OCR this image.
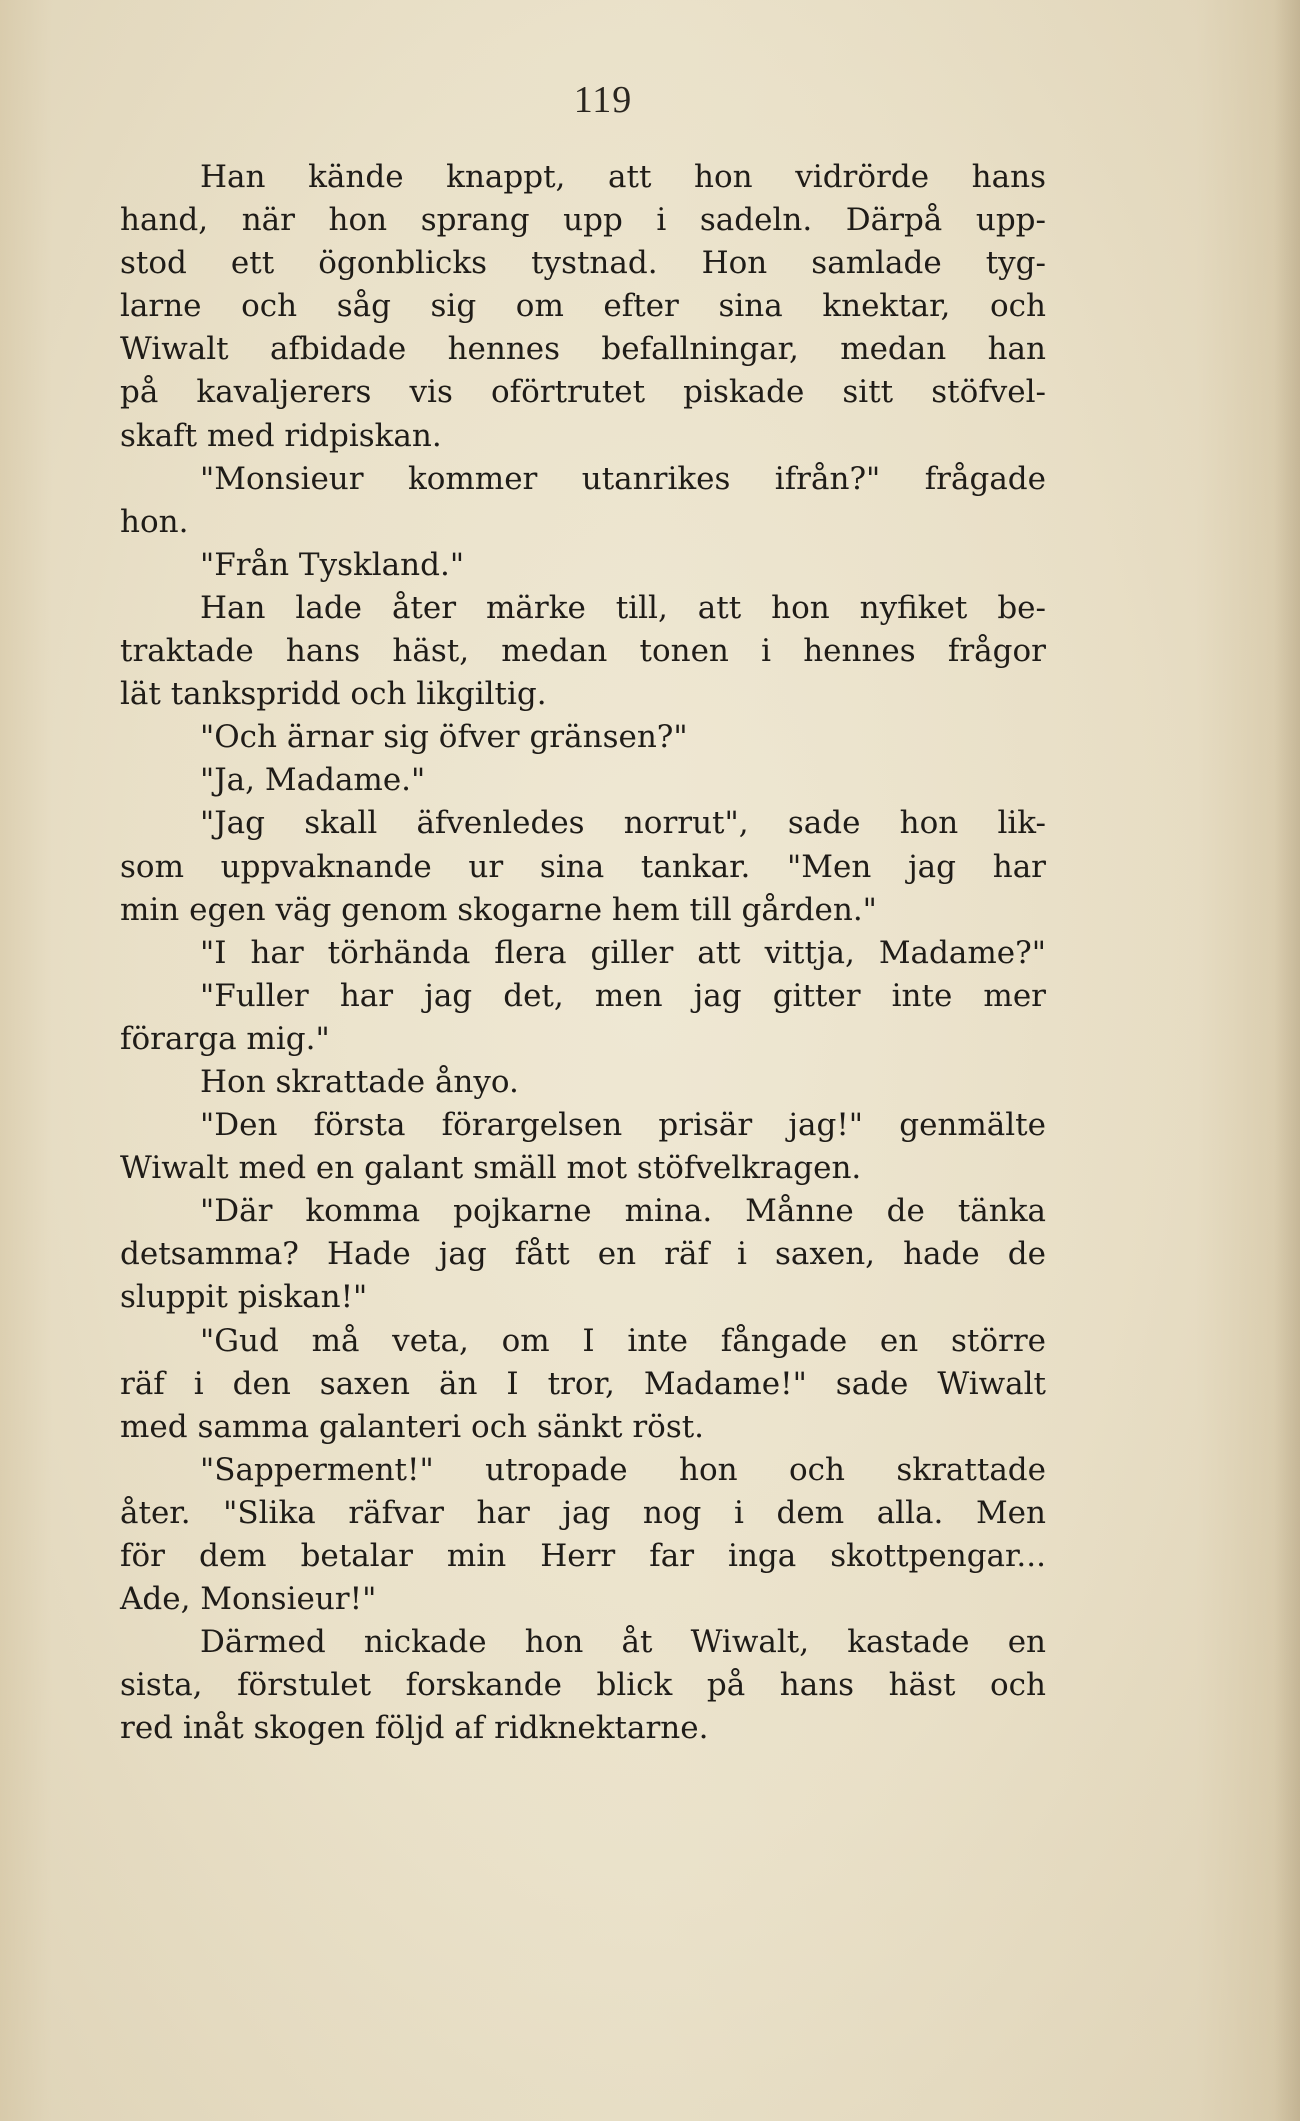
119
Han kände knappt, att hon vidrörde hans
hand, när hon sprang upp i sadeln. Därpå upp-
stod ett ögonblicks tystnad. Hon samlade tyg-
larne och såg sig om efter sina knektar, och
Wiwalt afbidade hennes befallningar, medan han
på kavaljerers vis oförtrutet piskade sitt stöfvel-
skaft med ridpiskan.
"Monsieur kommer utanrikes ifrån?" frågade
hon.
"Från Tyskland."
Han lade åter märke till, att hon nyfiket be-
traktade hans häst, medan tonen i hennes frågor
lät tankspridd och likgiltig.
"Och ärnar sig öfver gränsen?"
"Ja, Madame."
"Jag skall äfvenledes norrut", sade hon lik-
som uppvaknande ur sina tankar. "Men jag har
min egen väg genom skogarne hem till gården."
"I har törhända flera giller att vittja, Madame?"
"Fuller har jag det, men jag gitter inte mer
förarga mig."
Hon skrattade ånyo.
"Den första förargelsen prisär jag!" genmälte
Wiwalt med en galant smäll mot stöfvelkragen.
"Där komma pojkarne mina. Månne de tänka
detsamma? Hade jag fått en räf i saxen, hade de
sluppit piskan!"
"Gud må veta, om I inte fångade en större
räf i den saxen än I tror, Madame!" sade Wiwalt
med samma galanteri och sänkt röst.
"Sapperment!" utropade hon och skrattade
åter. "Slika räfvar har jag nog i dem alla. Men
för dem betalar min Herr far inga skottpengar...
Ade, Monsieur!"
Därmed nickade hon åt Wiwalt, kastade en
sista, förstulet forskande blick på hans häst och
red inåt skogen följd af ridknektarne.
